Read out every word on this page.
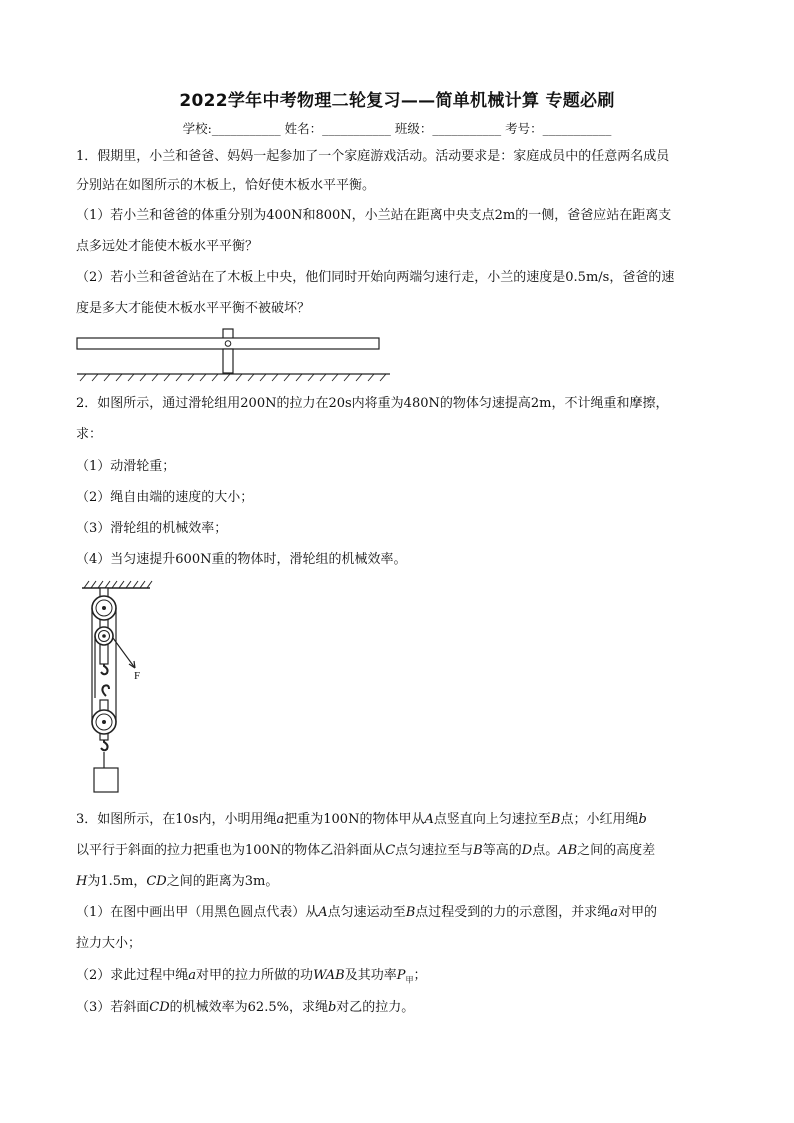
2022学年中考物理二轮复习——简单机械计算 专题必刷
学校:___________ 姓名：___________ 班级：___________ 考号：___________
1．假期里，小兰和爸爸、妈妈一起参加了一个家庭游戏活动。活动要求是：家庭成员中的任意两名成员
分别站在如图所示的木板上，恰好使木板水平平衡。
（1）若小兰和爸爸的体重分别为400N和800N，小兰站在距离中央支点2m的一侧，爸爸应站在距离支
点多远处才能使木板水平平衡？
（2）若小兰和爸爸站在了木板上中央，他们同时开始向两端匀速行走，小兰的速度是0.5m/s，爸爸的速
度是多大才能使木板水平平衡不被破坏？
2．如图所示，通过滑轮组用200N的拉力在20s内将重为480N的物体匀速提高2m，不计绳重和摩擦，
求：
（1）动滑轮重；
（2）绳自由端的速度的大小；
（3）滑轮组的机械效率；
（4）当匀速提升600N重的物体时，滑轮组的机械效率。
F
3．如图所示，在10s内，小明用绳a把重为100N的物体甲从A点竖直向上匀速拉至B点；小红用绳b
以平行于斜面的拉力把重也为100N的物体乙沿斜面从C点匀速拉至与B等高的D点。AB之间的高度差
H为1.5m，CD之间的距离为3m。
（1）在图中画出甲（用黑色圆点代表）从A点匀速运动至B点过程受到的力的示意图，并求绳a对甲的
拉力大小；
（2）求此过程中绳a对甲的拉力所做的功WAB及其功率$P_甲$；
（3）若斜面CD的机械效率为62.5%，求绳b对乙的拉力。
